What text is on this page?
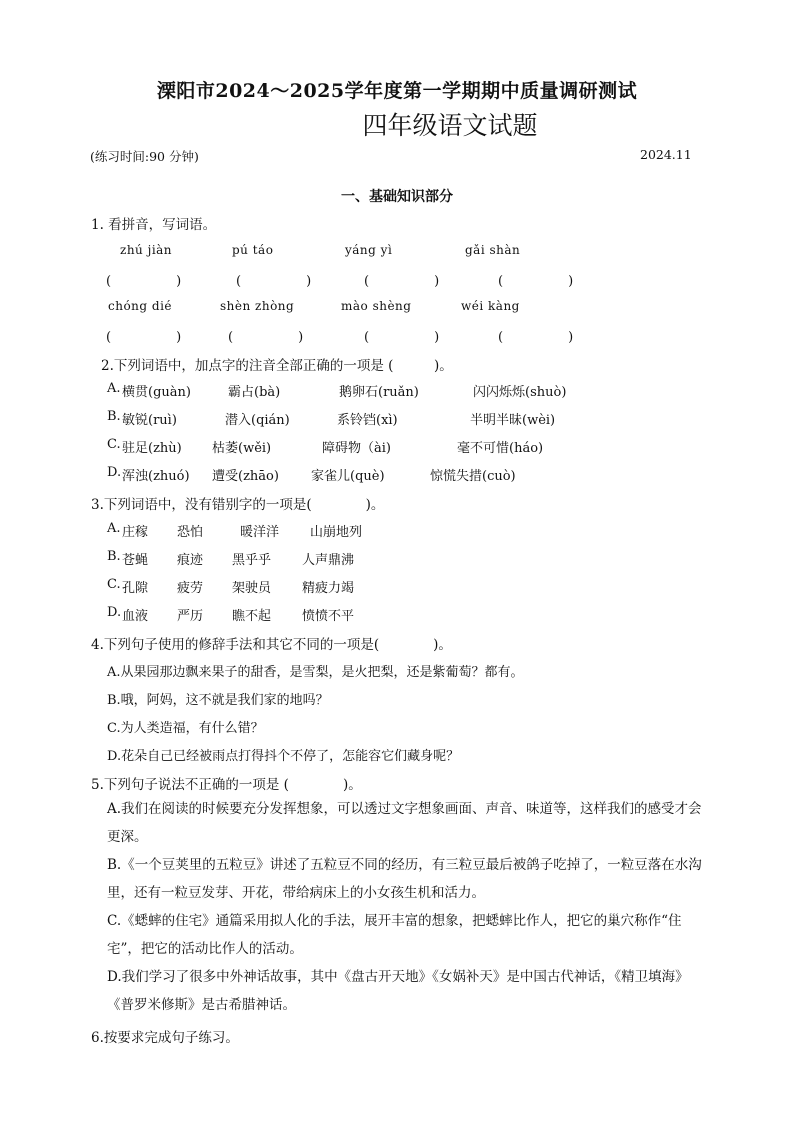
溧阳市2024～2025学年度第一学期期中质量调研测试
四年级语文试题
(练习时间:90 分钟)	2024.11
一、基础知识部分
1. 看拼音，写词语。
zhú jiàn	pú táo	yáng yì	gǎi shàn
(　　　　　)	(　　　　　)	(　　　　　)	(　　　　　)
chóng dié	shèn zhòng	mào shèng	wéi kàng
(　　　　　)	(　　　　　)	(　　　　　)	(　　　　　)
2.下列词语中，加点字的注音全部正确的一项是 (　　　)。
A. 横贯(guàn)	霸占(bà)	鹅卵石(ruǎn)	闪闪烁烁(shuò)
B. 敏锐(ruì)	潜入(qián)	系铃铛(xì)	半明半昧(wèi)
C. 驻足(zhù) 枯萎(wěi)	障碍物（ài)	毫不可惜(háo)
D. 浑浊(zhuó) 遭受(zhāo) 家雀儿(què)	惊慌失措(cuò)
3.下列词语中，没有错别字的一项是(　　　　)。
A. 庄稼 恐怕	暖洋洋 山崩地列
B. 苍蝇 痕迹 黑乎乎 人声鼎沸
C. 孔隙 疲劳 架驶员 精疲力竭
D. 血液 严历 瞧不起 愤愤不平
4.下列句子使用的修辞手法和其它不同的一项是(　　　　)。
A.从果园那边飘来果子的甜香，是雪梨，是火把梨，还是紫葡萄？都有。
B.哦，阿妈，这不就是我们家的地吗？
C.为人类造福，有什么错？
D.花朵自己已经被雨点打得抖个不停了，怎能容它们藏身呢？
5.下列句子说法不正确的一项是 (　　　　)。
A.我们在阅读的时候要充分发挥想象，可以透过文字想象画面、声音、味道等，这样我们的感受才会更深。
B.《一个豆荚里的五粒豆》讲述了五粒豆不同的经历，有三粒豆最后被鸽子吃掉了，一粒豆落在水沟里，还有一粒豆发芽、开花，带给病床上的小女孩生机和活力。
C.《蟋蟀的住宅》通篇采用拟人化的手法，展开丰富的想象，把蟋蟀比作人，把它的巢穴称作“住宅”，把它的活动比作人的活动。
D.我们学习了很多中外神话故事，其中《盘古开天地》《女娲补天》是中国古代神话，《精卫填海》《普罗米修斯》是古希腊神话。
6.按要求完成句子练习。
